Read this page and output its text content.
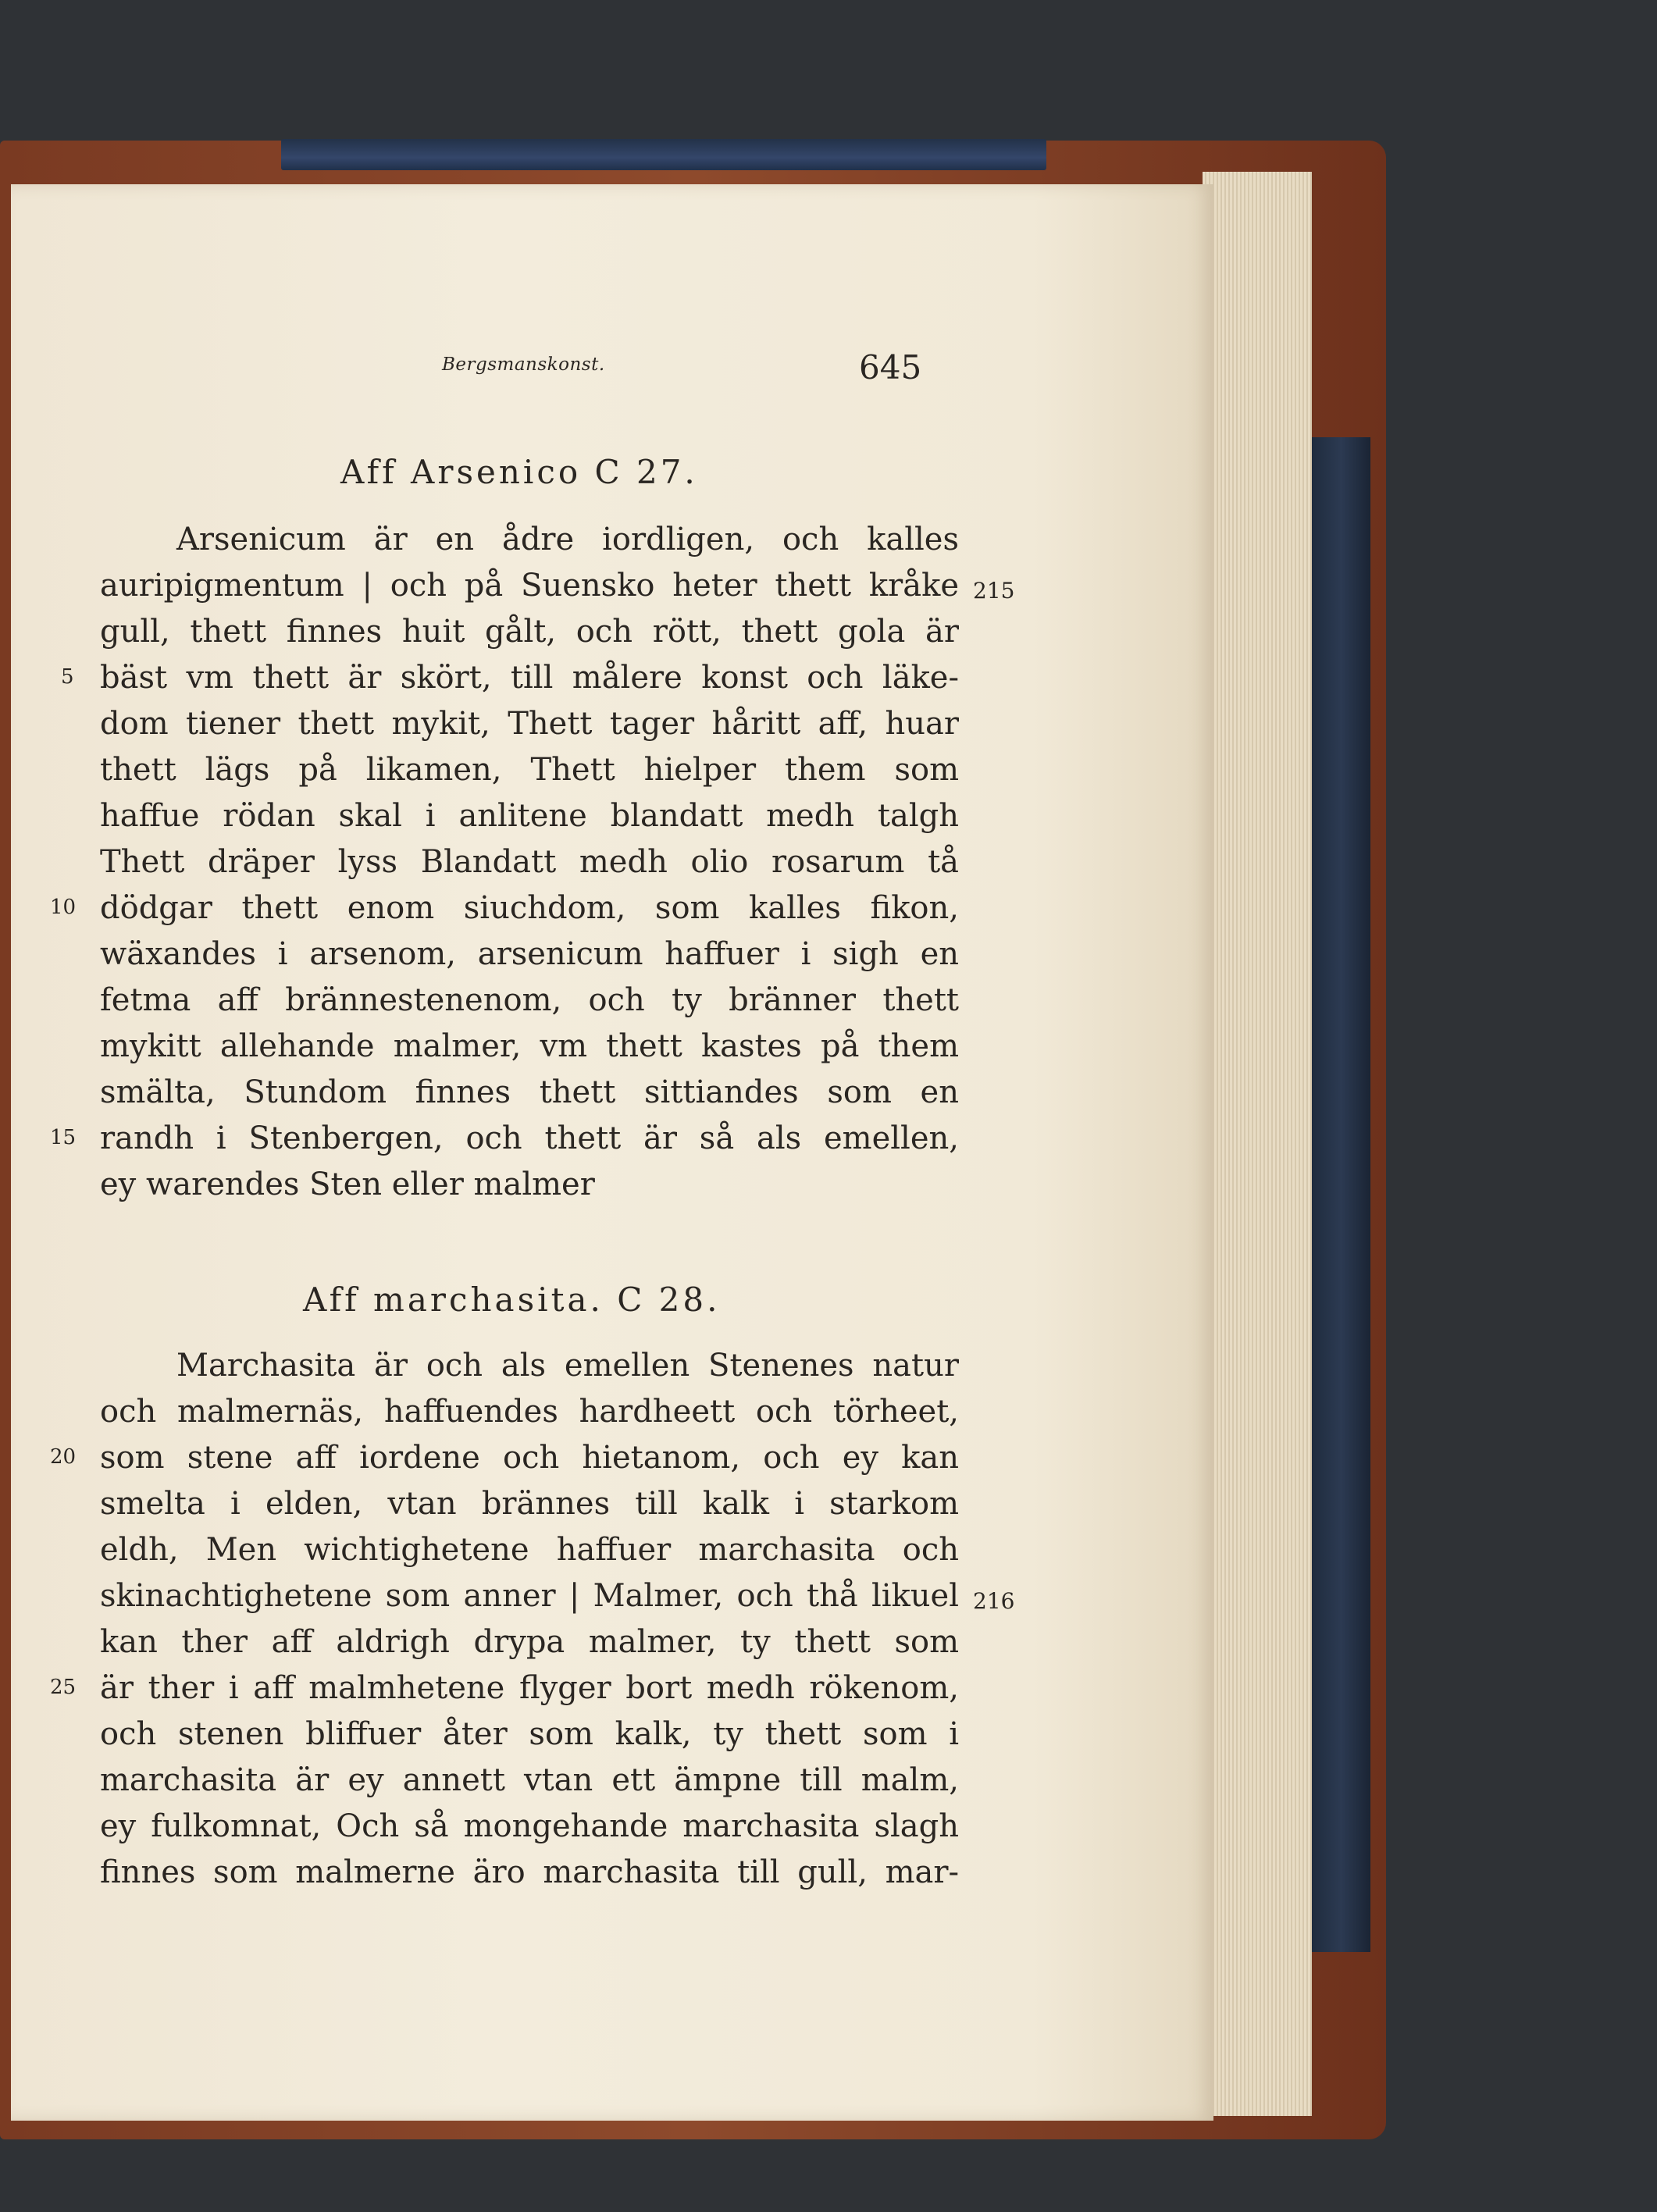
Bergsmanskonst.	645
Aff Arsenico C 27.
Arsenicum är en ådre iordligen, och kalles
auripigmentum | och på Suensko heter thett kråke
gull, thett finnes huit gålt, och rött, thett gola är
bäst vm thett är skört, till målere konst och läke-
dom tiener thett mykit, Thett tager håritt aff, huar
thett lägs på likamen, Thett hielper them som
haffue rödan skal i anlitene blandatt medh talgh
Thett dräper lyss Blandatt medh olio rosarum tå
dödgar thett enom siuchdom, som kalles fikon,
wäxandes i arsenom, arsenicum haffuer i sigh en
fetma aff brännestenenom, och ty bränner thett
mykitt allehande malmer, vm thett kastes på them
smälta, Stundom finnes thett sittiandes som en
randh i Stenbergen, och thett är så als emellen,
ey warendes Sten eller malmer
Aff marchasita. C 28.
Marchasita är och als emellen Stenenes natur
och malmernäs, haffuendes hardheett och törheet,
som stene aff iordene och hietanom, och ey kan
smelta i elden, vtan brännes till kalk i starkom
eldh, Men wichtighetene haffuer marchasita och
skinachtighetene som anner | Malmer, och thå likuel
kan ther aff aldrigh drypa malmer, ty thett som
är ther i aff malmhetene flyger bort medh rökenom,
och stenen bliffuer åter som kalk, ty thett som i
marchasita är ey annett vtan ett ämpne till malm,
ey fulkomnat, Och så mongehande marchasita slagh
finnes som malmerne äro marchasita till gull, mar-
5
10
15
20
25
215
216
